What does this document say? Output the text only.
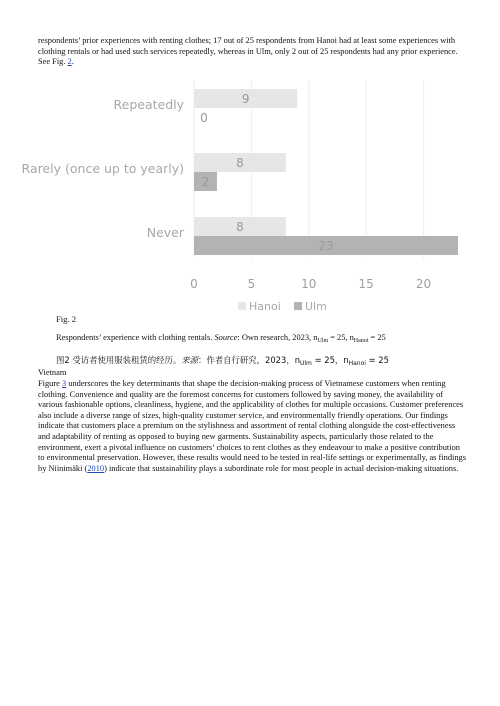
respondents’ prior experiences with renting clothes; 17 out of 25 respondents from Hanoi had at least some experiences with clothing rentals or had used such services repeatedly, whereas in Ulm, only 2 out of 25 respondents had any prior experience. See Fig. 2.

9
0
8
2
8
23
Repeatedly
Rarely (once up to yearly)
Never
0	5	10	15	20
Hanoi Ulm
Fig. 2
Respondents’ experience with clothing rentals. Source: Own research, 2023, $n_{Ulm} = 25$, $n_{Hanoi} = 25$
图2 受访者使用服装租赁的经历。来源：作者自行研究，2023，$n_{Ulm} = 25$，$n_{Hanoi} = 25$
Vietnam

Figure 3 underscores the key determinants that shape the decision-making process of Vietnamese customers when renting clothing. Convenience and quality are the foremost concerns for customers followed by saving money, the availability of various fashionable options, cleanliness, hygiene, and the applicability of clothes for multiple occasions. Customer preferences also include a diverse range of sizes, high-quality customer service, and environmentally friendly operations. Our findings indicate that customers place a premium on the stylishness and assortment of rental clothing alongside the cost-effectiveness and adaptability of renting as opposed to buying new garments. Sustainability aspects, particularly those related to the environment, exert a pivotal influence on customers’ choices to rent clothes as they endeavour to make a positive contribution to environmental preservation. However, these results would need to be tested in real-life settings or experimentally, as findings by Niinimäki (2010) indicate that sustainability plays a subordinate role for most people in actual decision-making situations.
